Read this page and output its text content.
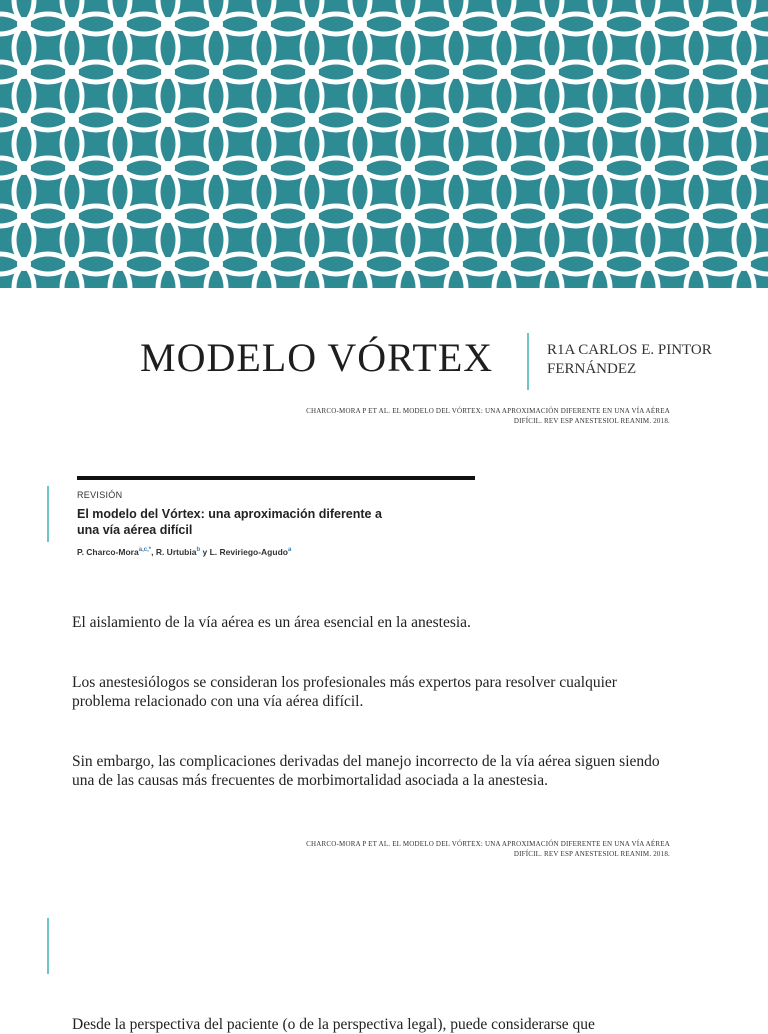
MODELO VÓRTEX	R1A CARLOS E. PINTOR FERNÁNDEZ
CHARCO-MORA P ET AL. EL MODELO DEL VÓRTEX: UNA APROXIMACIÓN DIFERENTE EN UNA VÍA AÉREA DIFÍCIL. REV ESP ANESTESIOL REANIM. 2018.
REVISIÓN
El modelo del Vórtex: una aproximación diferente a una vía aérea difícil
P. Charco-Mora$^{a,c,*}$, R. Urtubia$^b$ y L. Reviriego-Agudo$^a$
El aislamiento de la vía aérea es un área esencial en la anestesia.
Los anestesiólogos se consideran los profesionales más expertos para resolver cualquier problema relacionado con una vía aérea difícil.
Sin embargo, las complicaciones derivadas del manejo incorrecto de la vía aérea siguen siendo una de las causas más frecuentes de morbimortalidad asociada a la anestesia.
CHARCO-MORA P ET AL. EL MODELO DEL VÓRTEX: UNA APROXIMACIÓN DIFERENTE EN UNA VÍA AÉREA DIFÍCIL. REV ESP ANESTESIOL REANIM. 2018.
Desde la perspectiva del paciente (o de la perspectiva legal), puede considerarse que
